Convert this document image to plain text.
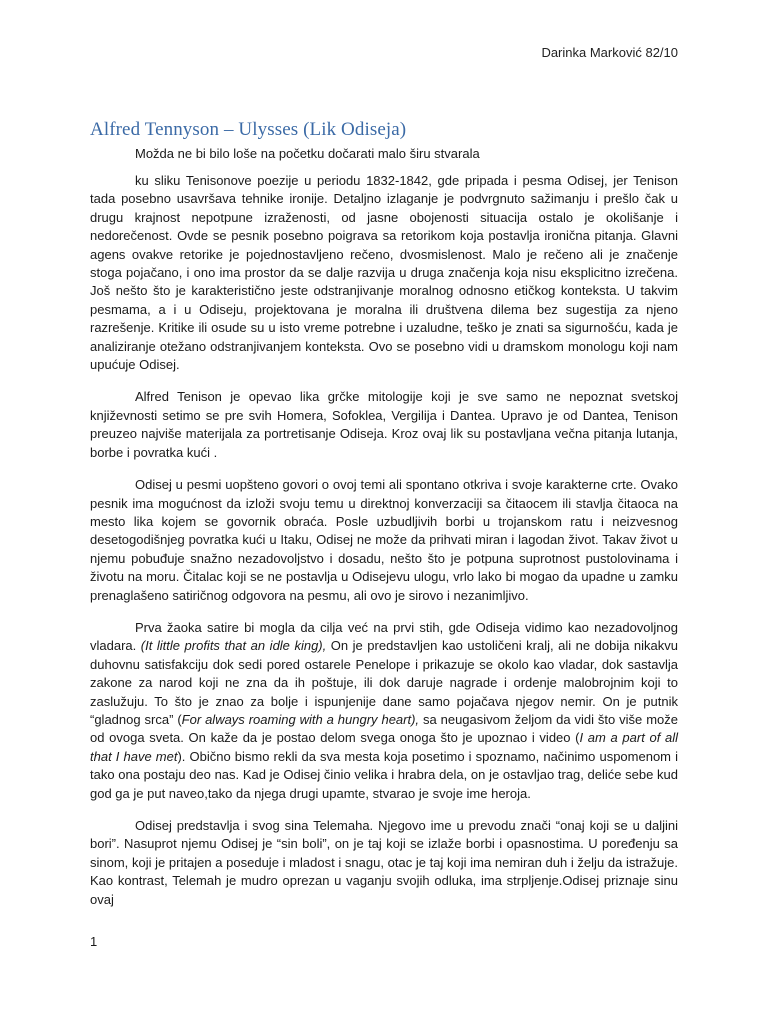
Darinka Marković 82/10
Alfred Tennyson – Ulysses (Lik Odiseja)
Možda ne bi bilo loše na početku dočarati malo širu stvarala

ku sliku Tenisonove poezije u periodu 1832-1842, gde pripada i pesma Odisej, jer Tenison tada posebno usavršava tehnike ironije. Detaljno izlaganje je podvrgnuto sažimanju i prešlo čak u drugu krajnost nepotpune izraženosti, od jasne obojenosti situacija ostalo je okolišanje i nedorečenost. Ovde se pesnik posebno poigrava sa retorikom koja postavlja ironična pitanja. Glavni agens ovakve retorike je pojednostavljeno rečeno, dvosmislenost. Malo je rečeno ali je značenje stoga pojačano, i ono ima prostor da se dalje razvija u druga značenja koja nisu eksplicitno izrečena. Još nešto što je karakteristično jeste odstranjivanje moralnog odnosno etičkog konteksta. U takvim pesmama, a i u Odiseju, projektovana je moralna ili društvena dilema bez sugestija za njeno razrešenje. Kritike ili osude su u isto vreme potrebne i uzaludne, teško je znati sa sigurnošću, kada je analiziranje otežano odstranjivanjem konteksta. Ovo se posebno vidi u dramskom monologu koji nam upućuje Odisej.

Alfred Tenison je opevao lika grčke mitologije koji je sve samo ne nepoznat svetskoj književnosti setimo se pre svih Homera, Sofoklea, Vergilija i Dantea. Upravo je od Dantea, Tenison preuzeo najviše materijala za portretisanje Odiseja. Kroz ovaj lik su postavljana večna pitanja lutanja, borbe i povratka kući .

Odisej u pesmi uopšteno govori o ovoj temi ali spontano otkriva i svoje karakterne crte. Ovako pesnik ima mogućnost da izloži svoju temu u direktnoj konverzaciji sa čitaocem ili stavlja čitaoca na mesto lika kojem se govornik obraća. Posle uzbudljivih borbi u trojanskom ratu i neizvesnog desetogodišnjeg povratka kući u Itaku, Odisej ne može da prihvati miran i lagodan život. Takav život u njemu pobuđuje snažno nezadovoljstvo i dosadu, nešto što je potpuna suprotnost pustolovinama i životu na moru. Čitalac koji se ne postavlja u Odisejevu ulogu, vrlo lako bi mogao da upadne u zamku prenaglašeno satiričnog odgovora na pesmu, ali ovo je sirovo i nezanimljivo.

Prva žaoka satire bi mogla da cilja već na prvi stih, gde Odiseja vidimo kao nezadovoljnog vladara. (It little profits that an idle king), On je predstavljen kao ustoličeni kralj, ali ne dobija nikakvu duhovnu satisfakciju dok sedi pored ostarele Penelope i prikazuje se okolo kao vladar, dok sastavlja zakone za narod koji ne zna da ih poštuje, ili dok daruje nagrade i ordenje malobrojnim koji to zaslužuju. To što je znao za bolje i ispunjenije dane samo pojačava njegov nemir. On je putnik “gladnog srca” (For always roaming with a hungry heart), sa neugasivom željom da vidi što više može od ovoga sveta. On kaže da je postao delom svega onoga što je upoznao i video (I am a part of all that I have met). Obično bismo rekli da sva mesta koja posetimo i spoznamo, načinimo uspomenom i tako ona postaju deo nas. Kad je Odisej činio velika i hrabra dela, on je ostavljao trag, deliće sebe kud god ga je put naveo,tako da njega drugi upamte, stvarao je svoje ime heroja.

Odisej predstavlja i svog sina Telemaha. Njegovo ime u prevodu znači “onaj koji se u daljini bori”. Nasuprot njemu Odisej je “sin boli”, on je taj koji se izlaže borbi i opasnostima. U poređenju sa sinom, koji je pritajen a poseduje i mladost i snagu, otac je taj koji ima nemiran duh i želju da istražuje. Kao kontrast, Telemah je mudro oprezan u vaganju svojih odluka, ima strpljenje.Odisej priznaje sinu ovaj

1
